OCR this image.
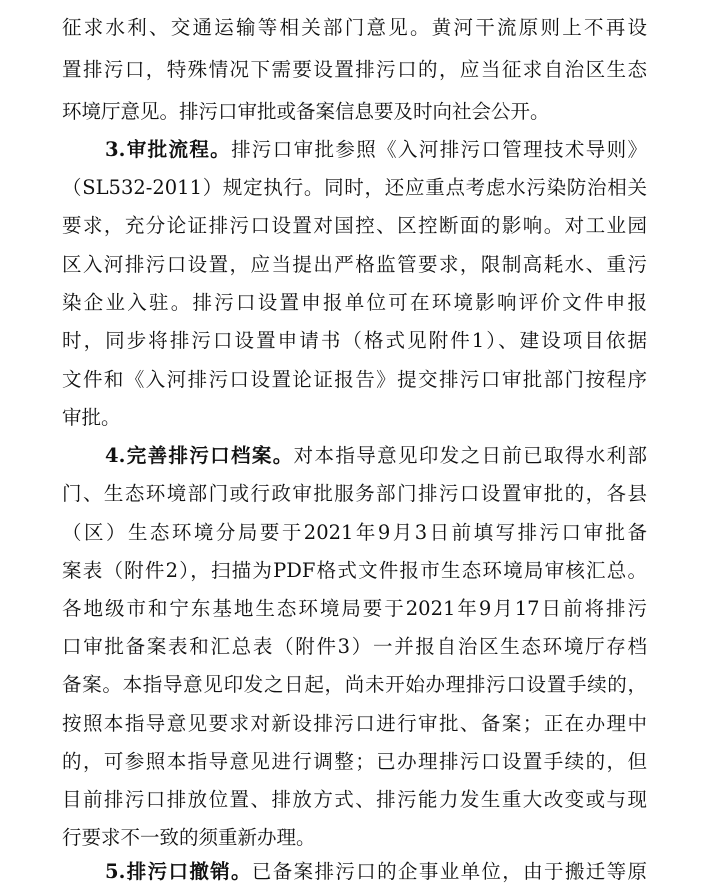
征求水利、交通运输等相关部门意见。黄河干流原则上不再设
置排污口，特殊情况下需要设置排污口的，应当征求自治区生态
环境厅意见。排污口审批或备案信息要及时向社会公开。
3.审批流程。排污口审批参照《入河排污口管理技术导则》
（SL532-2011）规定执行。同时，还应重点考虑水污染防治相关
要求，充分论证排污口设置对国控、区控断面的影响。对工业园
区入河排污口设置，应当提出严格监管要求，限制高耗水、重污
染企业入驻。排污口设置申报单位可在环境影响评价文件申报
时，同步将排污口设置申请书（格式见附件1）、建设项目依据
文件和《入河排污口设置论证报告》提交排污口审批部门按程序
审批。
4.完善排污口档案。对本指导意见印发之日前已取得水利部
门、生态环境部门或行政审批服务部门排污口设置审批的，各县
（区）生态环境分局要于2021年9月3日前填写排污口审批备
案表（附件2），扫描为PDF格式文件报市生态环境局审核汇总。
各地级市和宁东基地生态环境局要于2021年9月17日前将排污
口审批备案表和汇总表（附件3）一并报自治区生态环境厅存档
备案。本指导意见印发之日起，尚未开始办理排污口设置手续的，
按照本指导意见要求对新设排污口进行审批、备案；正在办理中
的，可参照本指导意见进行调整；已办理排污口设置手续的，但
目前排污口排放位置、排放方式、排污能力发生重大改变或与现
行要求不一致的须重新办理。
5.排污口撤销。已备案排污口的企事业单位，由于搬迁等原
